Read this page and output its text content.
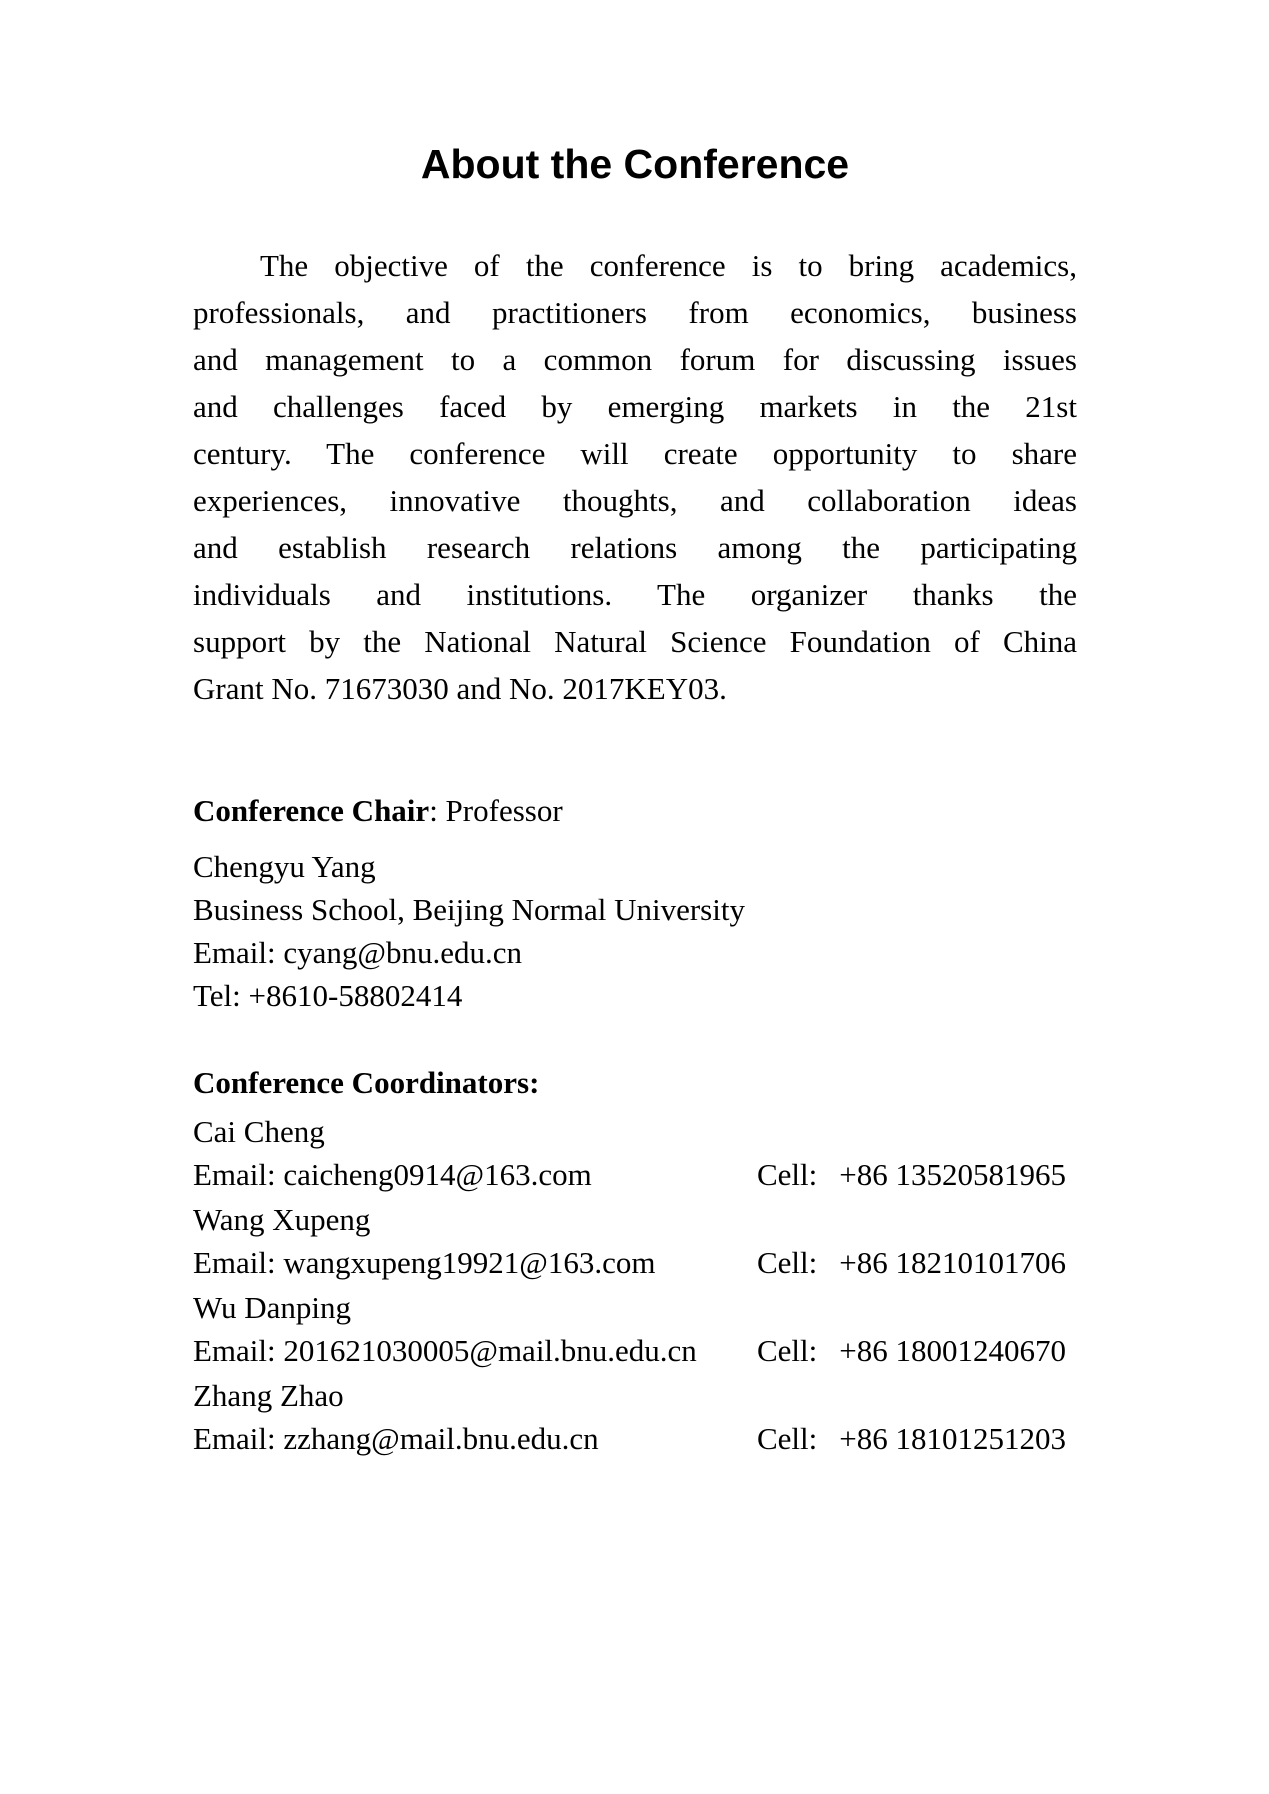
About the Conference
The objective of the conference is to bring academics,
professionals, and practitioners from economics, business
and management to a common forum for discussing issues
and challenges faced by emerging markets in the 21st
century. The conference will create opportunity to share
experiences, innovative thoughts, and collaboration ideas
and establish research relations among the participating
individuals and institutions. The organizer thanks the
support by the National Natural Science Foundation of China
Grant No. 71673030 and No. 2017KEY03.
Conference Chair: Professor
Chengyu Yang
Business School, Beijing Normal University
Email: cyang@bnu.edu.cn
Tel: +8610-58802414
Conference Coordinators:
Cai Cheng
Email: caicheng0914@163.com	Cell: +86 13520581965
Wang Xupeng
Email: wangxupeng19921@163.com	Cell: +86 18210101706
Wu Danping
Email: 201621030005@mail.bnu.edu.cn	Cell: +86 18001240670
Zhang Zhao
Email: zzhang@mail.bnu.edu.cn	Cell: +86 18101251203
